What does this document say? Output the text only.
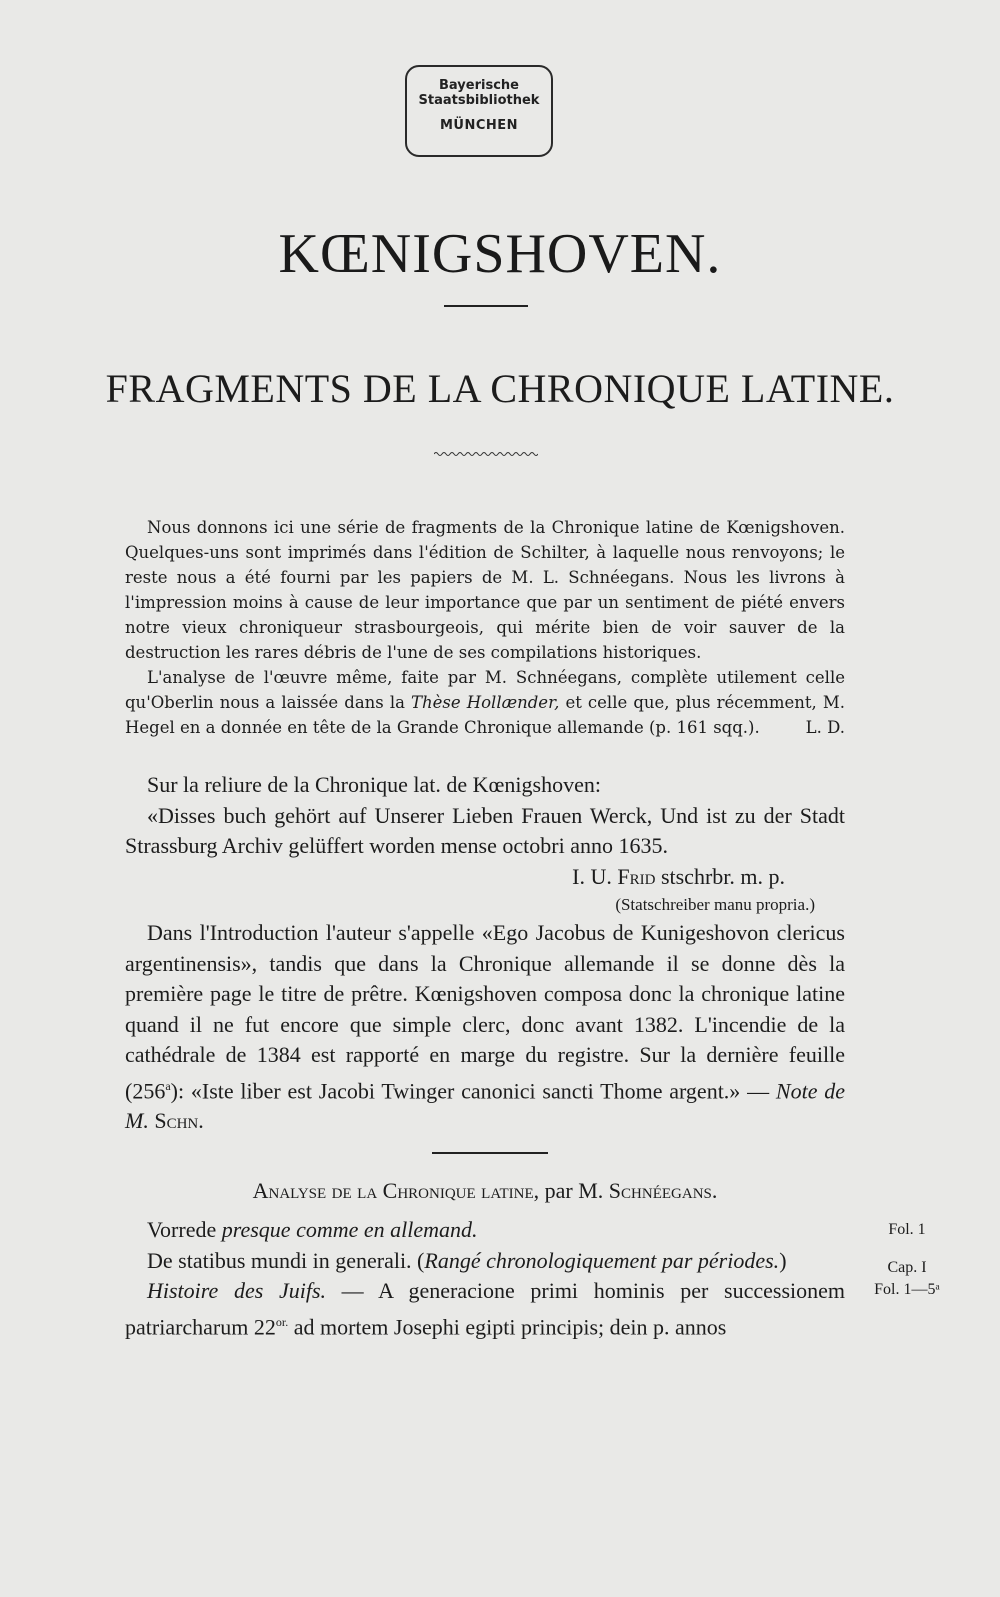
Bayerische
Staatsbibliothek
MÜNCHEN
KŒNIGSHOVEN.
FRAGMENTS DE LA CHRONIQUE LATINE.

Nous donnons ici une série de fragments de la Chronique latine de Kœnigshoven. Quelques-uns sont imprimés dans l'édition de Schilter, à laquelle nous renvoyons; le reste nous a été fourni par les papiers de M. L. Schnéegans. Nous les livrons à l'impression moins à cause de leur importance que par un sentiment de piété envers notre vieux chroniqueur strasbourgeois, qui mérite bien de voir sauver de la destruction les rares débris de l'une de ses compilations historiques.

L'analyse de l'œuvre même, faite par M. Schnéegans, complète utilement celle qu'Oberlin nous a laissée dans la Thèse Hollænder, et celle que, plus récemment, M. Hegel en a donnée en tête de la Grande Chronique allemande (p. 161 sqq.).	L. D.

Sur la reliure de la Chronique lat. de Kœnigshoven:

«Disses buch gehört auf Unserer Lieben Frauen Werck, Und ist zu der Stadt Strassburg Archiv gelüffert worden mense octobri anno 1635.

I. U. Frid stschrbr. m. p.

(Statschreiber manu propria.)

Dans l'Introduction l'auteur s'appelle «Ego Jacobus de Kunigeshovon clericus argentinensis», tandis que dans la Chronique allemande il se donne dès la première page le titre de prêtre. Kœnigshoven composa donc la chronique latine quand il ne fut encore que simple clerc, donc avant 1382. L'incendie de la cathédrale de 1384 est rapporté en marge du registre. Sur la dernière feuille (256$^a$): «Iste liber est Jacobi Twinger canonici sancti Thome argent.» — Note de M. Schn.

Analyse de la Chronique latine, par M. Schnéegans.

Vorrede presque comme en allemand.

De statibus mundi in generali. (Rangé chronologiquement par périodes.)

Histoire des Juifs. — A generacione primi hominis per successionem patriarcharum $22^{or.}$ ad mortem Josephi egipti principis; dein p. annos

Fol. 1
Cap. I
Fol. 1—5ᵃ
